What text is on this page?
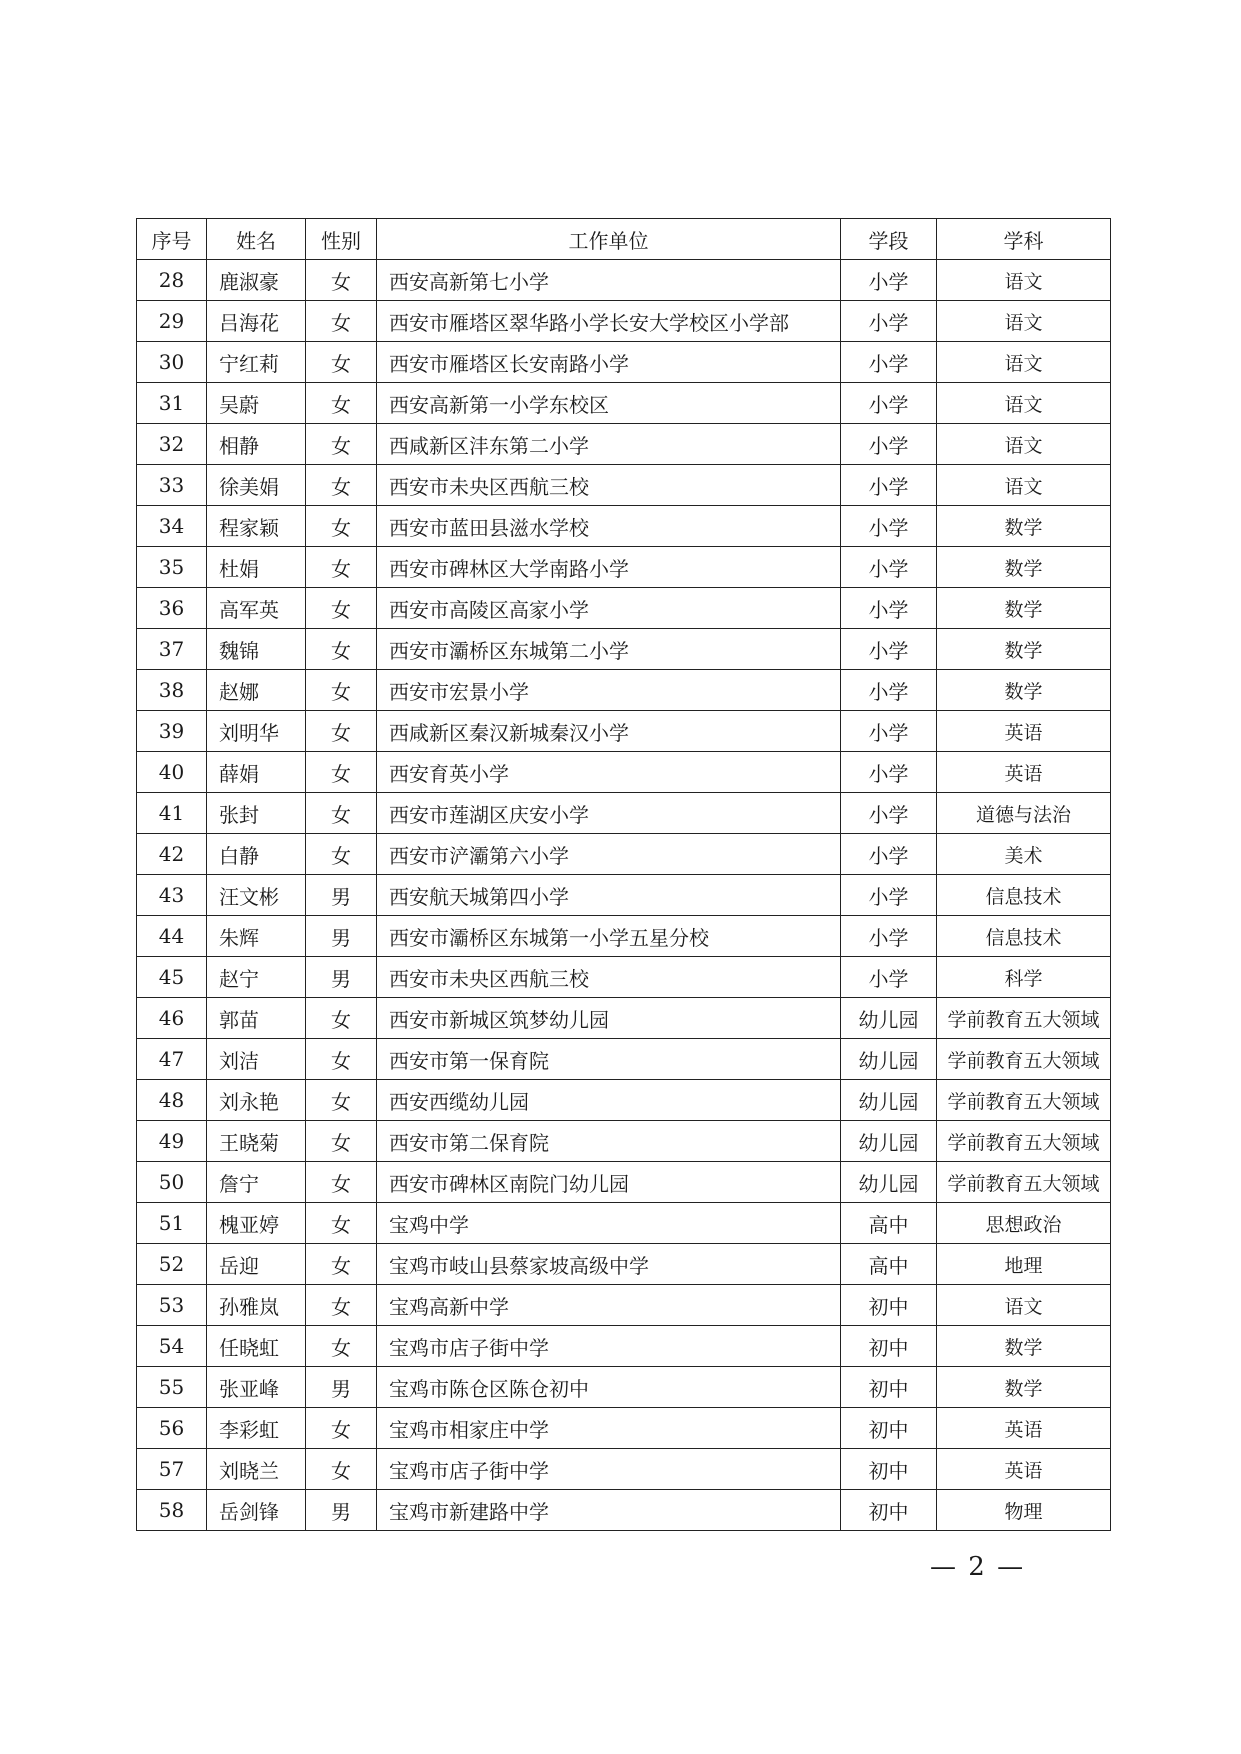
序号	姓名	性别	工作单位	学段	学科
28	鹿淑豪	女	西安高新第七小学	小学	语文
29	吕海花	女	西安市雁塔区翠华路小学长安大学校区小学部	小学	语文
30	宁红莉	女	西安市雁塔区长安南路小学	小学	语文
31	吴蔚	女	西安高新第一小学东校区	小学	语文
32	相静	女	西咸新区沣东第二小学	小学	语文
33	徐美娟	女	西安市未央区西航三校	小学	语文
34	程家颖	女	西安市蓝田县滋水学校	小学	数学
35	杜娟	女	西安市碑林区大学南路小学	小学	数学
36	高军英	女	西安市高陵区高家小学	小学	数学
37	魏锦	女	西安市灞桥区东城第二小学	小学	数学
38	赵娜	女	西安市宏景小学	小学	数学
39	刘明华	女	西咸新区秦汉新城秦汉小学	小学	英语
40	薛娟	女	西安育英小学	小学	英语
41	张封	女	西安市莲湖区庆安小学	小学	道德与法治
42	白静	女	西安市浐灞第六小学	小学	美术
43	汪文彬	男	西安航天城第四小学	小学	信息技术
44	朱辉	男	西安市灞桥区东城第一小学五星分校	小学	信息技术
45	赵宁	男	西安市未央区西航三校	小学	科学
46	郭苗	女	西安市新城区筑梦幼儿园	幼儿园	学前教育五大领域
47	刘洁	女	西安市第一保育院	幼儿园	学前教育五大领域
48	刘永艳	女	西安西缆幼儿园	幼儿园	学前教育五大领域
49	王晓菊	女	西安市第二保育院	幼儿园	学前教育五大领域
50	詹宁	女	西安市碑林区南院门幼儿园	幼儿园	学前教育五大领域
51	槐亚婷	女	宝鸡中学	高中	思想政治
52	岳迎	女	宝鸡市岐山县蔡家坡高级中学	高中	地理
53	孙雅岚	女	宝鸡高新中学	初中	语文
54	任晓虹	女	宝鸡市店子街中学	初中	数学
55	张亚峰	男	宝鸡市陈仓区陈仓初中	初中	数学
56	李彩虹	女	宝鸡市相家庄中学	初中	英语
57	刘晓兰	女	宝鸡市店子街中学	初中	英语
58	岳剑锋	男	宝鸡市新建路中学	初中	物理
— 2 —
